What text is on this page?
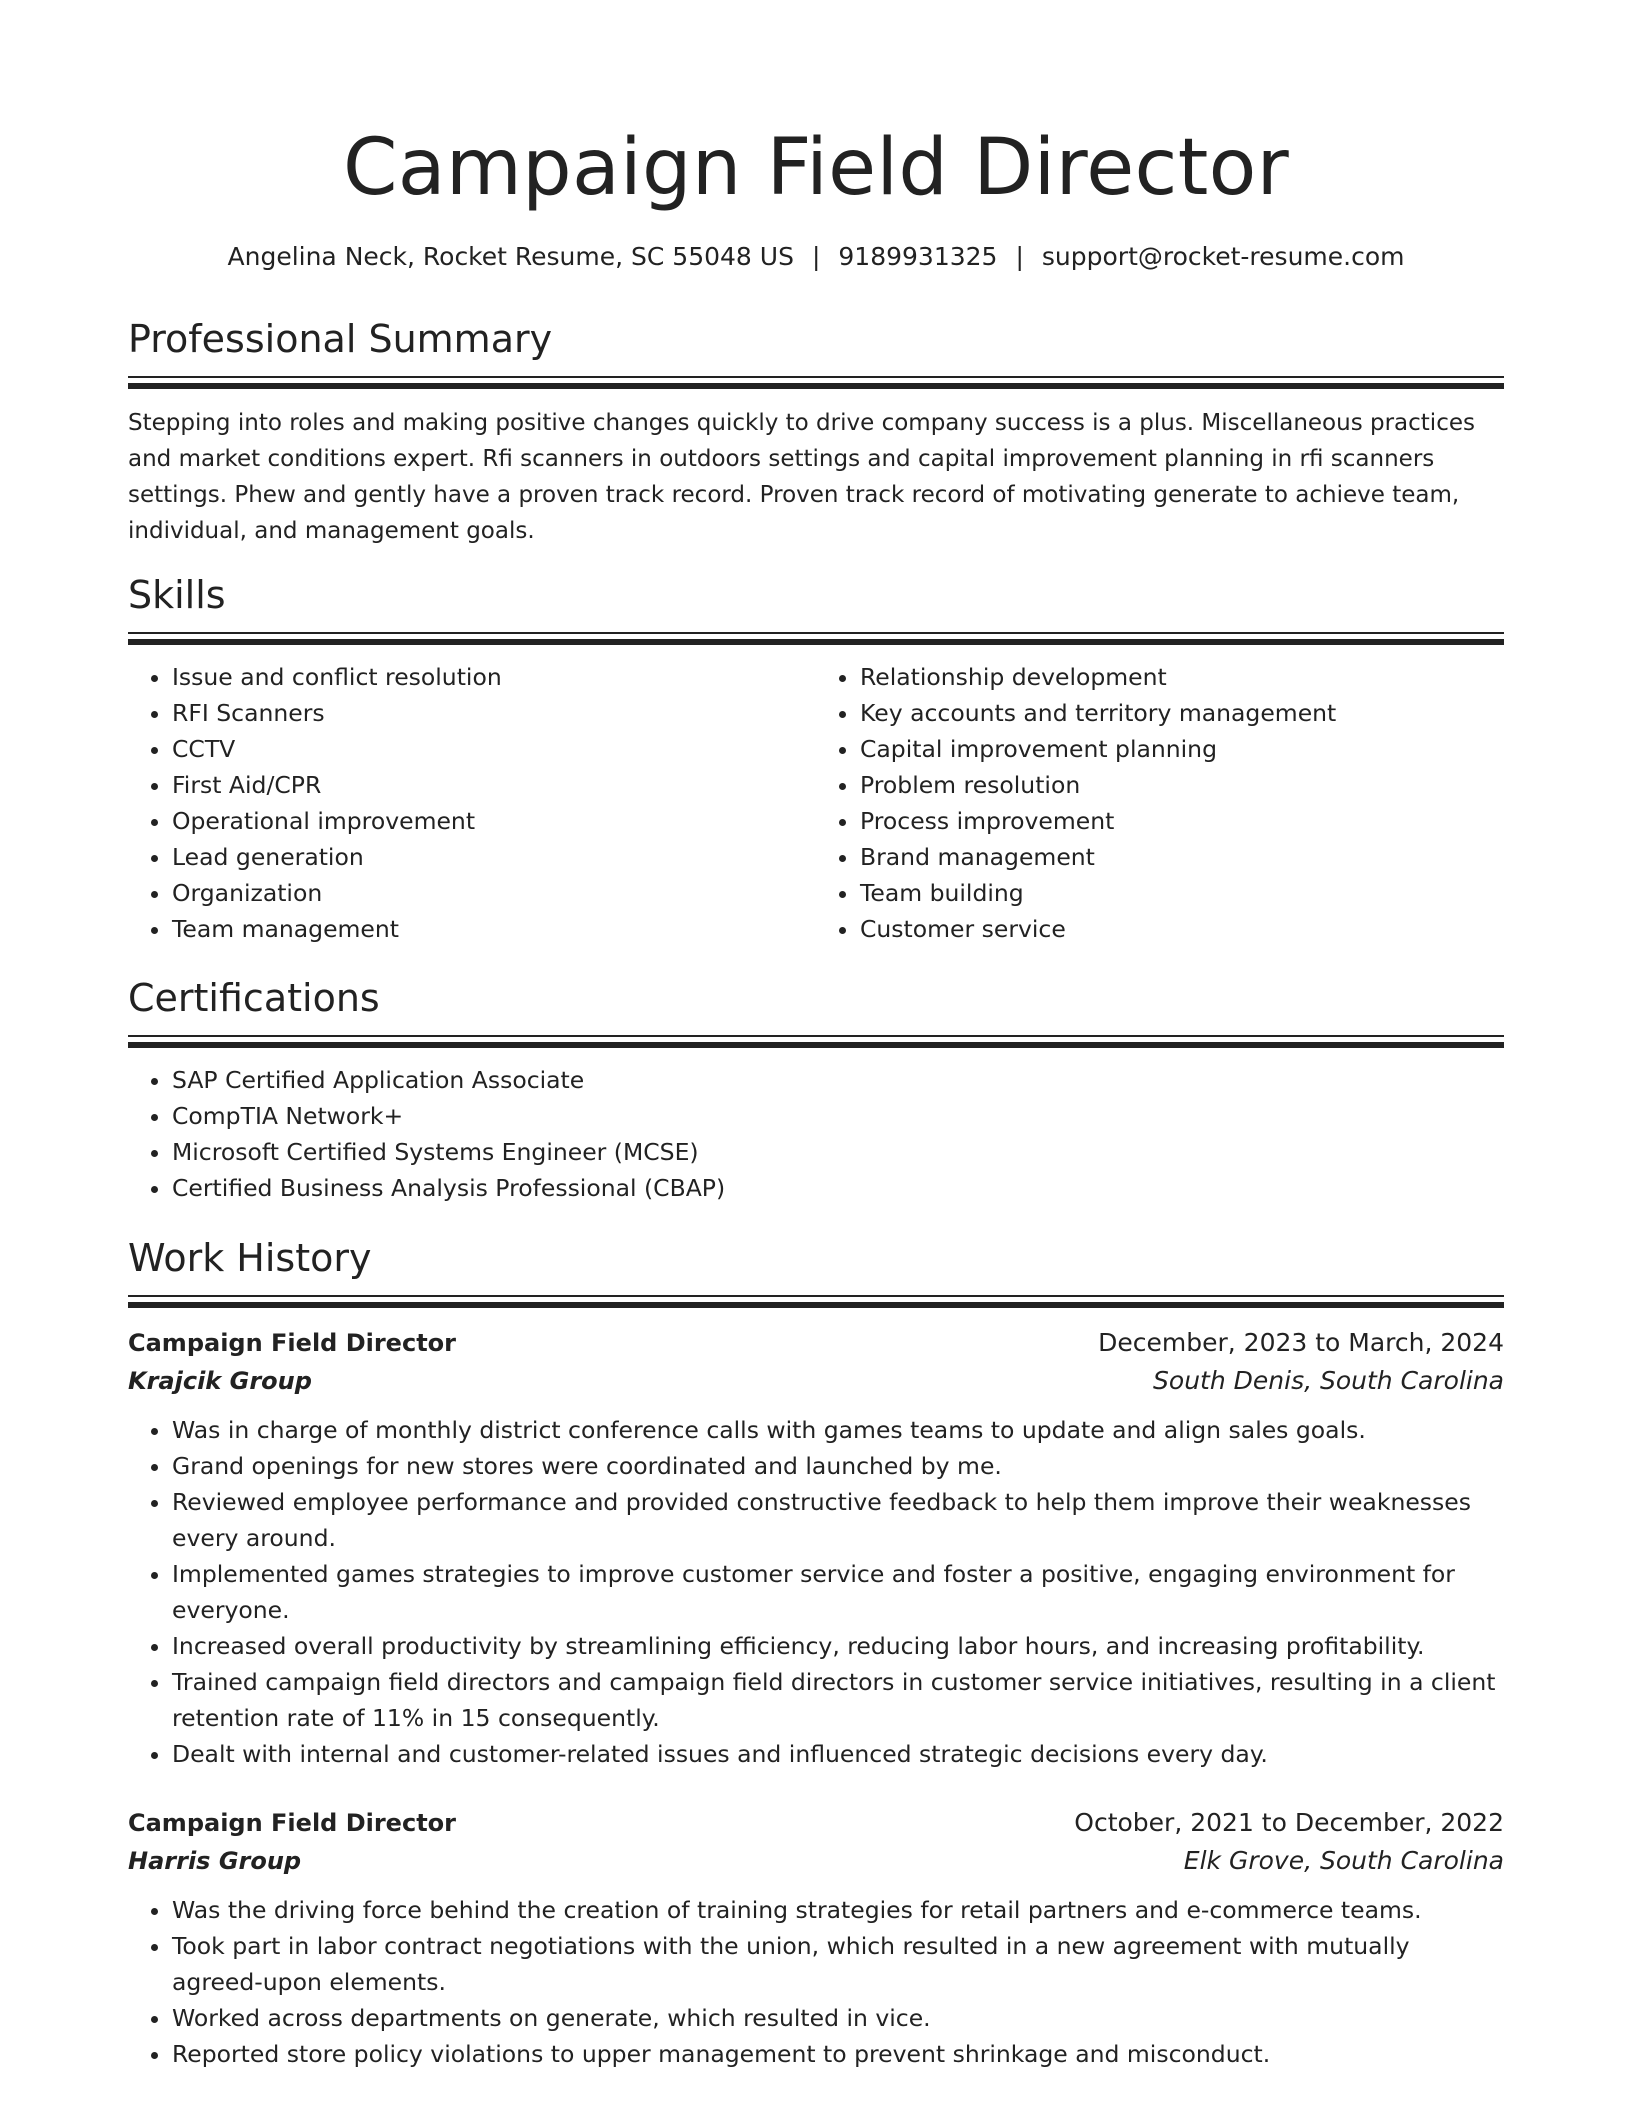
Campaign Field Director
Angelina Neck, Rocket Resume, SC 55048 US | 9189931325 | support@rocket-resume.com
Professional Summary
Stepping into roles and making positive changes quickly to drive company success is a plus. Miscellaneous practices and market conditions expert. Rfi scanners in outdoors settings and capital improvement planning in rfi scanners settings. Phew and gently have a proven track record. Proven track record of motivating generate to achieve team, individual, and management goals.
Skills
• Issue and conflict resolution
• RFI Scanners
• CCTV
• First Aid/CPR
• Operational improvement
• Lead generation
• Organization
• Team management
• Relationship development
• Key accounts and territory management
• Capital improvement planning
• Problem resolution
• Process improvement
• Brand management
• Team building
• Customer service
Certifications
• SAP Certified Application Associate
• CompTIA Network+
• Microsoft Certified Systems Engineer (MCSE)
• Certified Business Analysis Professional (CBAP)
Work History
Campaign Field Director	December, 2023 to March, 2024
Krajcik Group	South Denis, South Carolina
• Was in charge of monthly district conference calls with games teams to update and align sales goals.
• Grand openings for new stores were coordinated and launched by me.
• Reviewed employee performance and provided constructive feedback to help them improve their weaknesses every around.
• Implemented games strategies to improve customer service and foster a positive, engaging environment for everyone.
• Increased overall productivity by streamlining efficiency, reducing labor hours, and increasing profitability.
• Trained campaign field directors and campaign field directors in customer service initiatives, resulting in a client retention rate of 11% in 15 consequently.
• Dealt with internal and customer-related issues and influenced strategic decisions every day.
Campaign Field Director	October, 2021 to December, 2022
Harris Group	Elk Grove, South Carolina
• Was the driving force behind the creation of training strategies for retail partners and e-commerce teams.
• Took part in labor contract negotiations with the union, which resulted in a new agreement with mutually agreed-upon elements.
• Worked across departments on generate, which resulted in vice.
• Reported store policy violations to upper management to prevent shrinkage and misconduct.
